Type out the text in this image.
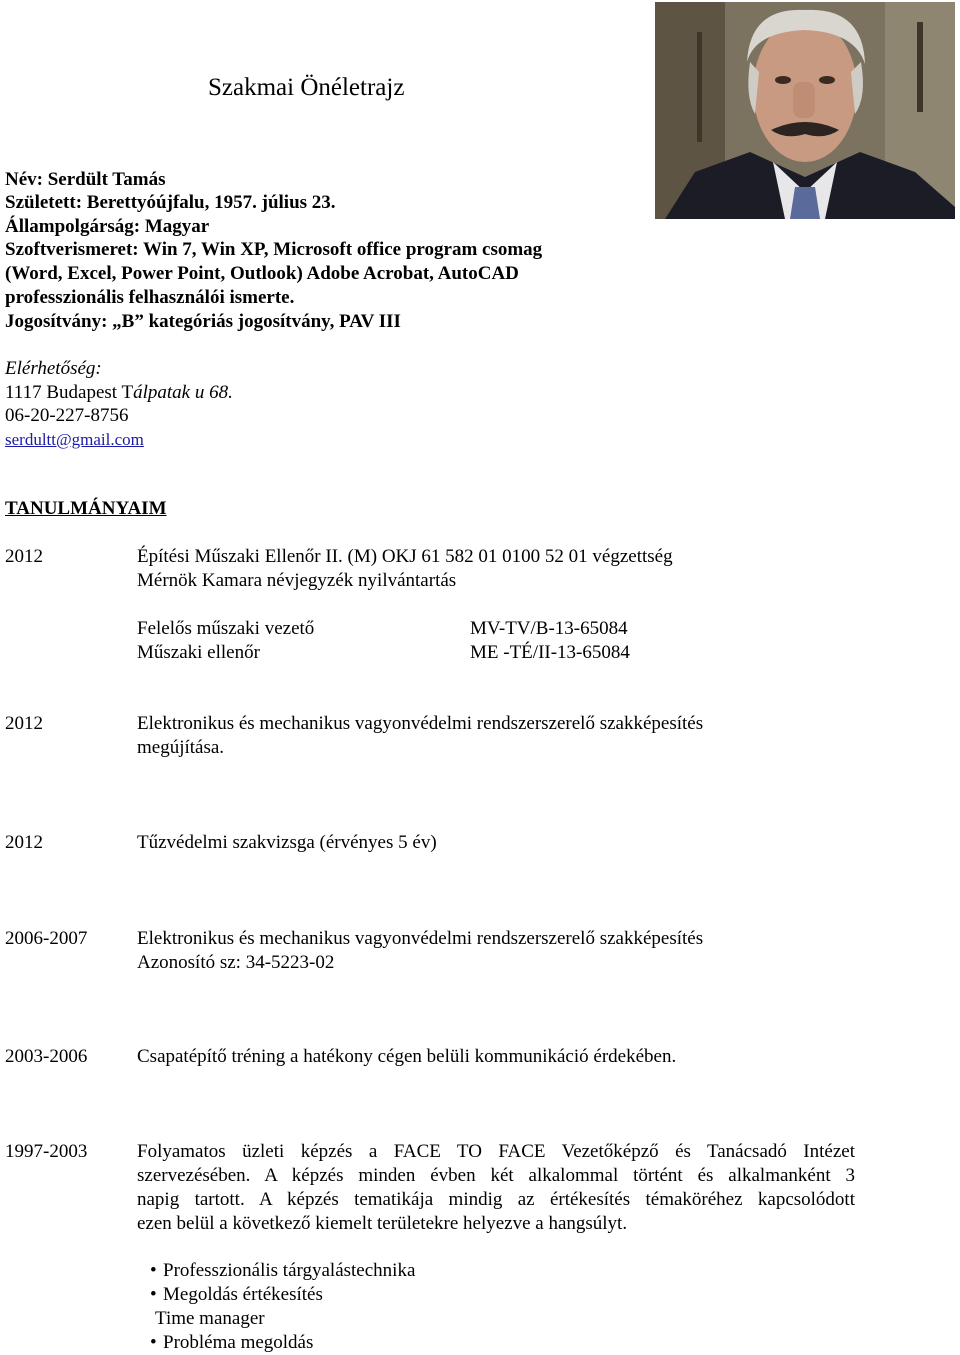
Szakmai Önéletrajz
Név: Serdült Tamás
Született: Berettyóújfalu, 1957. július 23.
Állampolgárság: Magyar
Szoftverismeret: Win 7, Win XP, Microsoft office program csomag
(Word, Excel, Power Point, Outlook) Adobe Acrobat, AutoCAD
professzionális felhasználói ismerte.
Jogosítvány: „B” kategóriás jogosítvány, PAV III
Elérhetőség:
1117 Budapest Tálpatak u 68.
06-20-227-8756
serdultt@gmail.com
TANULMÁNYAIM
2012	Építési Műszaki Ellenőr II. (M) OKJ 61 582 01 0100 52 01 végzettség
Mérnök Kamara névjegyzék nyilvántartás
Felelős műszaki vezető	MV-TV/B-13-65084
Műszaki ellenőr	ME -TÉ/II-13-65084
2012	Elektronikus és mechanikus vagyonvédelmi rendszerszerelő szakképesítés
megújítása.
2012	Tűzvédelmi szakvizsga (érvényes 5 év)
2006-2007	Elektronikus és mechanikus vagyonvédelmi rendszerszerelő szakképesítés
Azonosító sz: 34-5223-02
2003-2006	Csapatépítő tréning a hatékony cégen belüli kommunikáció érdekében.
1997-2003	Folyamatos üzleti képzés a FACE TO FACE Vezetőképző és Tanácsadó Intézet
szervezésében. A képzés minden évben két alkalommal történt és alkalmanként 3
napig tartott. A képzés tematikája mindig az értékesítés témaköréhez kapcsolódott
ezen belül a következő kiemelt területekre helyezve a hangsúlyt.
• Professzionális tárgyalástechnika
• Megoldás értékesítés
Time manager
• Probléma megoldás
